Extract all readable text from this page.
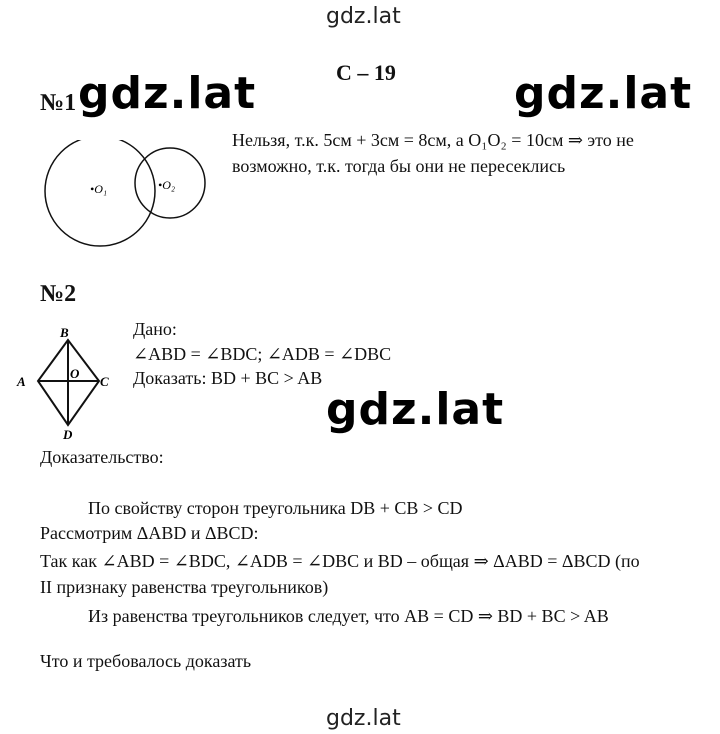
gdz.lat
gdz.lat	gdz.lat
gdz.lat
gdz.lat
С – 19
№1
•O₁	•O₂
Нельзя, т.к. 5см + 3см = 8см, а O₁O₂ = 10см ⇒ это не
возможно, т.к. тогда бы они не пересеклись
№2
B
A	C
D
O
Дано:
∠ABD = ∠BDC; ∠ADB = ∠DBC
Доказать: BD + BC > AB
Доказательство:
По свойству сторон треугольника DB + CB > CD
Рассмотрим ΔABD и ΔBCD:
Так как ∠ABD = ∠BDC, ∠ADB = ∠DBC и BD – общая ⇒ ΔABD = ΔBCD (по
II признаку равенства треугольников)
Из равенства треугольников следует, что AB = CD ⇒ BD + BC > AB
Что и требовалось доказать
